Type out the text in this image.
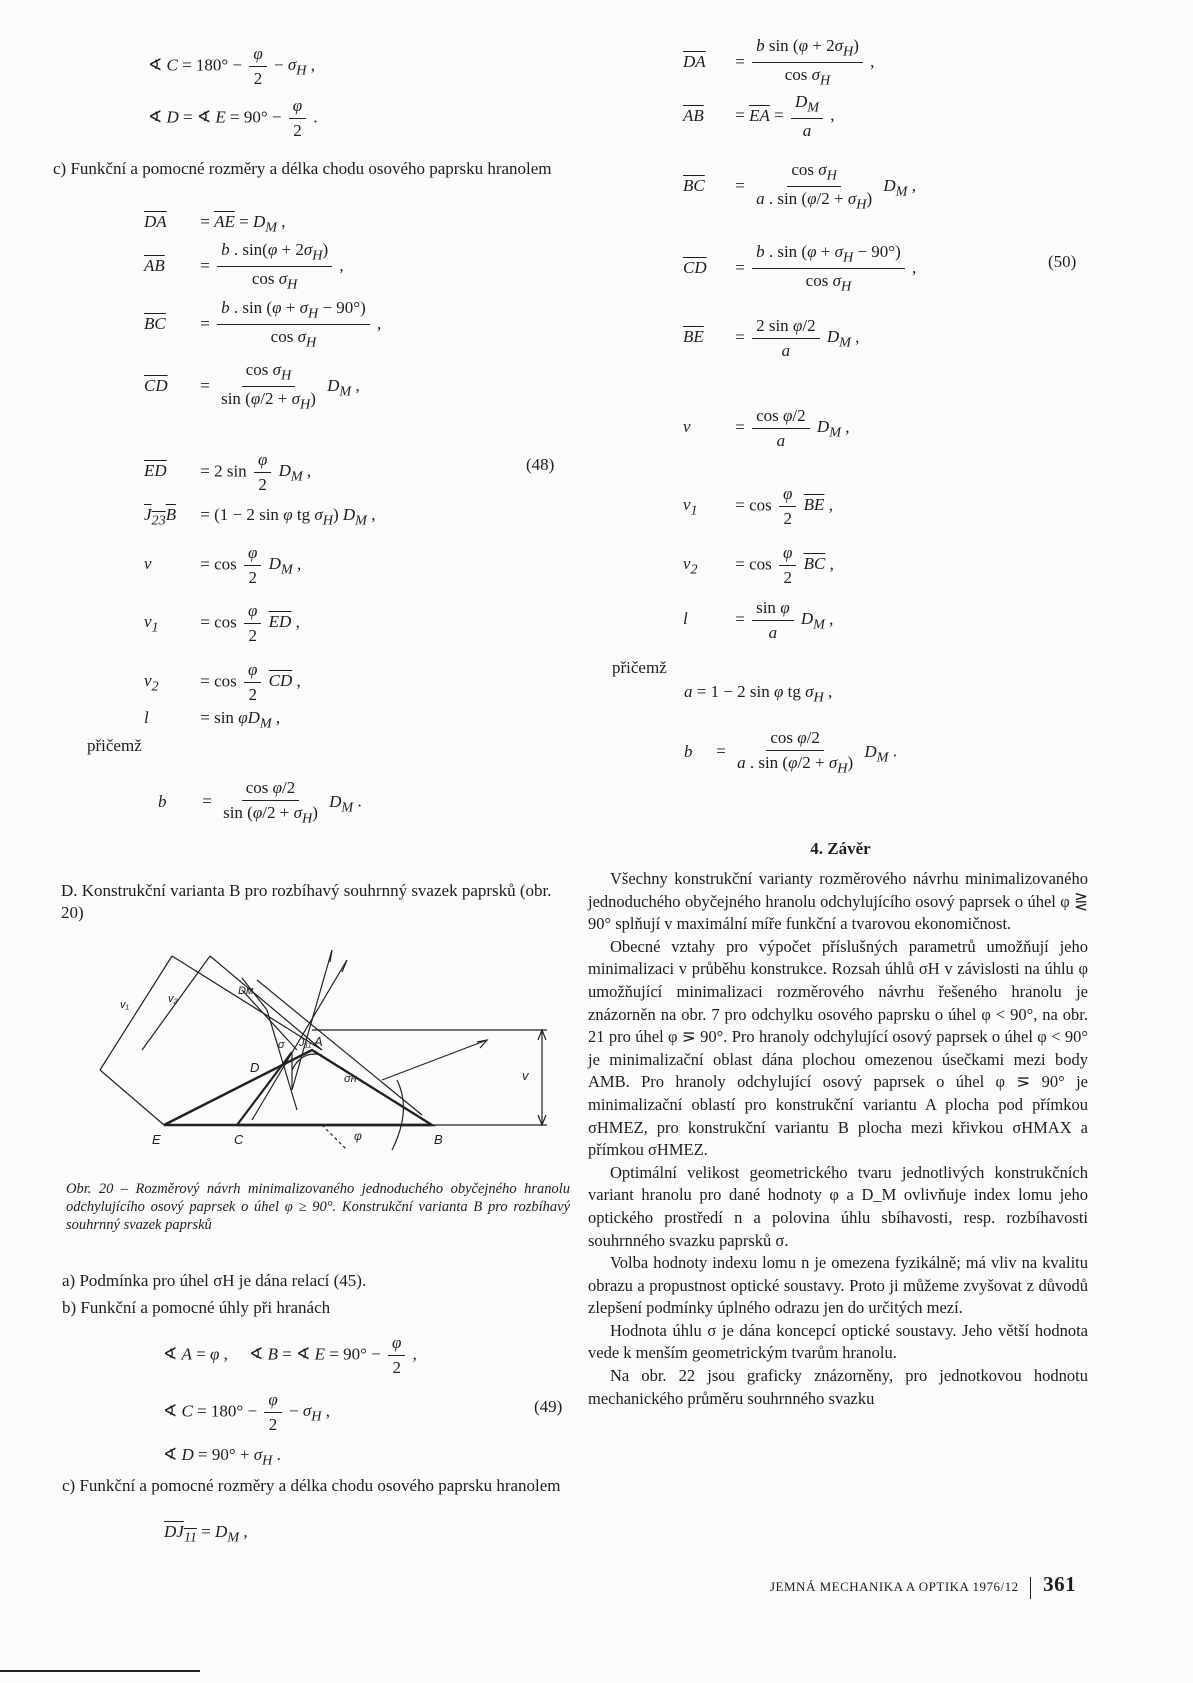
∢ $C = 180^\circ - \frac{\varphi}{2} - \sigma_H$ ,
∢ D = ∢ $E = 90^\circ - \frac{\varphi}{2}$ .
c) Funkční a pomocné rozměry a délka chodu osového paprsku hranolem
$\overline{DA} = \overline{AE} = D_M$ ,
$\overline{AB} = \frac{b . \sin(\varphi + 2\sigma_H)}{\cos \sigma_H}$ ,
$\overline{BC} = \frac{b . \sin (\varphi + \sigma_H - 90^\circ)}{\cos \sigma_H}$ ,
$\overline{CD} = \frac{\cos \sigma_H}{\sin (\varphi/2 + \sigma_H)} D_M$ ,
$\overline{ED} = 2$ $\sin \frac{\varphi}{2} D_M$ ,	(48)
$J_{23}B = (1 - 2$ sin φ tg $\sigma_H$) $D_M$ ,
v	= $\cos \frac{\varphi}{2} D_M$ ,
$v_1 = \cos \frac{\varphi}{2} \overline{ED}$ ,
$v_2 = \cos \frac{\varphi}{2} \overline{CD}$ ,
l	= $\sin \varphi D_M$ ,
přičemž
$b = \frac{\text{cos φ/2}}{\sin (\varphi/2 + \sigma_H)} D_M$ .
D. Konstrukční varianta B pro rozbíhavý souhrnný svazek paprsků (obr. 20)
E	C	B
A
D
J₁₁
Dм
v
v₁	v₂
σ
σн
φ
Obr. 20 – Rozměrový návrh minimalizovaného jednoduchého obyčejného hranolu odchylujícího osový paprsek o úhel φ ≥ 90°. Konstrukční varianta B pro rozbíhavý souhrnný svazek paprsků
a) Podmínka pro úhel σH je dána relací (45).
b) Funkční a pomocné úhly při hranách
∢ A = φ ,     ∢ B = ∢ $E = 90^\circ - \frac{\varphi}{2}$ ,
∢ $C = 180^\circ - \frac{\varphi}{2} - \sigma_H$ ,	(49)
∢ $D = 90^\circ + \sigma_H$ .
c) Funkční a pomocné rozměry a délka chodu osového paprsku hranolem
$DJ_{11} = D_M$ ,
$\overline{DA} = \frac{b \sin (\varphi + 2\sigma_H)}{\cos \sigma_H}$ ,
$\overline{AB} = \overline{EA} = \frac{D_M}{a}$ ,
$\overline{BC} = \frac{\cos \sigma_H}{a . \sin (\varphi/2 + \sigma_H)} D_M$ ,
$\overline{CD} = \frac{b . \sin (\varphi + \sigma_H - 90^\circ)}{\cos \sigma_H}$ ,	(50)
$\overline{BE} = \frac{\text{2 sin φ/2}}{a} D_M$ ,
$v = \frac{\text{cos φ/2}}{a} D_M$ ,
$v_1 = \cos \frac{\varphi}{2} \overline{BE}$ ,
$v_2 = \cos \frac{\varphi}{2} \overline{BC}$ ,
l	= $\frac{\text{sin φ}}{a} D_M$ ,
přičemž
a = 1 − 2 sin φ tg $\sigma_H$ ,
$b = \frac{\text{cos φ/2}}{a . \sin (\varphi/2 + \sigma_H)} D_M$ .
4. Závěr

Všechny konstrukční varianty rozměrového návrhu minimalizovaného jednoduchého obyčejného hranolu odchylujícího osový paprsek o úhel φ ⋛ 90° splňují v maximální míře funkční a tvarovou ekonomičnost.

Obecné vztahy pro výpočet příslušných parametrů umožňují jeho minimalizaci v průběhu konstrukce. Rozsah úhlů σH v závislosti na úhlu φ umožňující minimalizaci rozměrového návrhu řešeného hranolu je znázorněn na obr. 7 pro odchylku osového paprsku o úhel φ < 90°, na obr. 21 pro úhel φ ⋝ 90°. Pro hranoly odchylující osový paprsek o úhel φ < 90° je minimalizační oblast dána plochou omezenou úsečkami mezi body AMB. Pro hranoly odchylující osový paprsek o úhel φ ⋝ 90° je minimalizační oblastí pro konstrukční variantu A plocha pod přímkou σHMEZ, pro konstrukční variantu B plocha mezi křivkou σHMAX a přímkou σHMEZ.

Optimální velikost geometrického tvaru jednotlivých konstrukčních variant hranolu pro dané hodnoty φ a D_M ovlivňuje index lomu jeho optického prostředí n a polovina úhlu sbíhavosti, resp. rozbíhavosti souhrnného svazku paprsků σ.

Volba hodnoty indexu lomu n je omezena fyzikálně; má vliv na kvalitu obrazu a propustnost optické soustavy. Proto ji můžeme zvyšovat z důvodů zlepšení podmínky úplného odrazu jen do určitých mezí.

Hodnota úhlu σ je dána koncepcí optické soustavy. Jeho větší hodnota vede k menším geometrickým tvarům hranolu.

Na obr. 22 jsou graficky znázorněny, pro jednotkovou hodnotu mechanického průměru souhrnného svazku

JEMNÁ MECHANIKA A OPTIKA 1976/12 361
